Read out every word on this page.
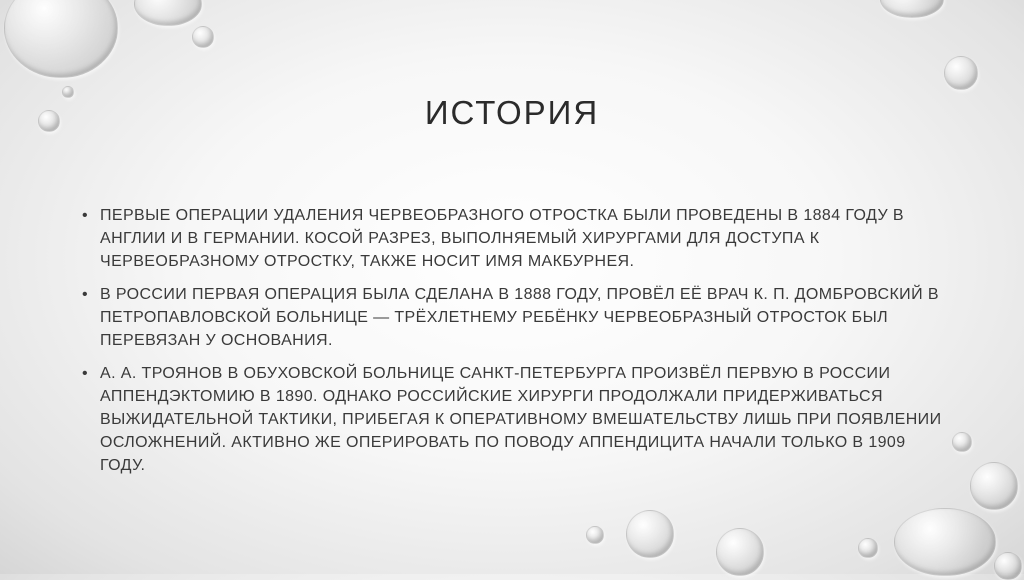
ИСТОРИЯ
• ПЕРВЫЕ ОПЕРАЦИИ УДАЛЕНИЯ ЧЕРВЕОБРАЗНОГО ОТРОСТКА БЫЛИ ПРОВЕДЕНЫ В 1884 ГОДУ В АНГЛИИ И В ГЕРМАНИИ. КОСОЙ РАЗРЕЗ, ВЫПОЛНЯЕМЫЙ ХИРУРГАМИ ДЛЯ ДОСТУПА К ЧЕРВЕОБРАЗНОМУ ОТРОСТКУ, ТАКЖЕ НОСИТ ИМЯ МАКБУРНЕЯ.
• В РОССИИ ПЕРВАЯ ОПЕРАЦИЯ БЫЛА СДЕЛАНА В 1888 ГОДУ, ПРОВЁЛ ЕЁ ВРАЧ К. П. ДОМБРОВСКИЙ В ПЕТРОПАВЛОВСКОЙ БОЛЬНИЦЕ — ТРЁХЛЕТНЕМУ РЕБЁНКУ ЧЕРВЕОБРАЗНЫЙ ОТРОСТОК БЫЛ ПЕРЕВЯЗАН У ОСНОВАНИЯ.
• А. А. ТРОЯНОВ В ОБУХОВСКОЙ БОЛЬНИЦЕ САНКТ-ПЕТЕРБУРГА ПРОИЗВЁЛ ПЕРВУЮ В РОССИИ АППЕНДЭКТОМИЮ В 1890. ОДНАКО РОССИЙСКИЕ ХИРУРГИ ПРОДОЛЖАЛИ ПРИДЕРЖИВАТЬСЯ ВЫЖИДАТЕЛЬНОЙ ТАКТИКИ, ПРИБЕГАЯ К ОПЕРАТИВНОМУ ВМЕШАТЕЛЬСТВУ ЛИШЬ ПРИ ПОЯВЛЕНИИ ОСЛОЖНЕНИЙ. АКТИВНО ЖЕ ОПЕРИРОВАТЬ ПО ПОВОДУ АППЕНДИЦИТА НАЧАЛИ ТОЛЬКО В 1909 ГОДУ.
